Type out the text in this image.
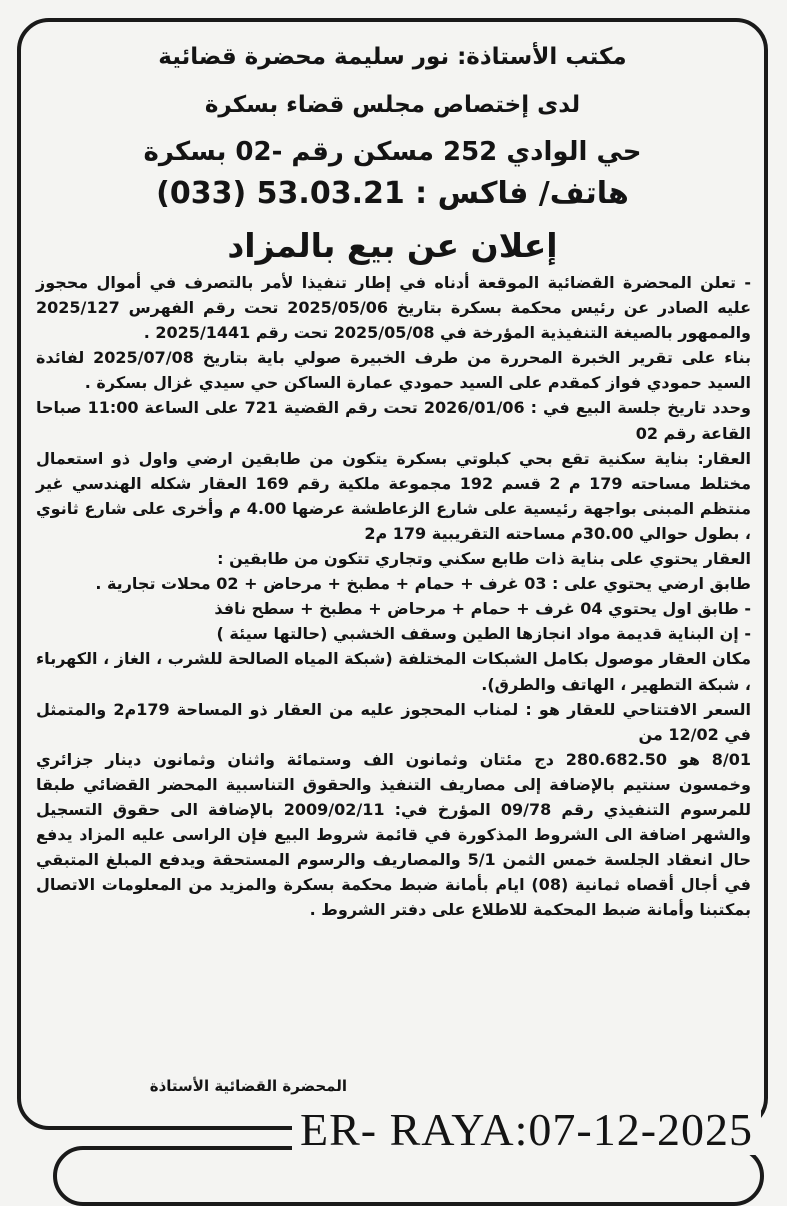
مكتب الأستاذة: نور سليمة محضرة قضائية
لدى إختصاص مجلس قضاء بسكرة
حي الوادي 252 مسكن رقم -02 بسكرة
هاتف/ فاكس : 53.03.21 (033)
إعلان عن بيع بالمزاد

- تعلن المحضرة القضائية الموقعة أدناه في إطار تنفيذا لأمر بالتصرف في أموال محجوز عليه الصادر عن رئيس محكمة بسكرة بتاريخ 2025/05/06 تحت رقم الفهرس 2025/127 والممهور بالصيغة التنفيذية المؤرخة في 2025/05/08 تحت رقم 2025/1441 .

بناء على تقرير الخبرة المحررة من طرف الخبيرة صولي باية بتاريخ 2025/07/08 لفائدة السيد حمودي فواز كمقدم على السيد حمودي عمارة الساكن حي سيدي غزال بسكرة .

وحدد تاريخ جلسة البيع في : 2026/01/06 تحت رقم القضية 721 على الساعة 11:00 صباحا القاعة رقم 02

العقار: بناية سكنية تقع بحي كبلوتي بسكرة يتكون من طابقين ارضي واول ذو استعمال مختلط مساحته 179 م 2 قسم 192 مجموعة ملكية رقم 169 العقار شكله الهندسي غير منتظم المبنى بواجهة رئيسية على شارع الزعاطشة عرضها 4.00 م وأخرى على شارع ثانوي ، بطول حوالي 30.00م مساحته التقريبية 179 م2

العقار يحتوي على بناية ذات طابع سكني وتجاري تتكون من طابقين :

طابق ارضي يحتوي على : 03 غرف + حمام + مطبخ + مرحاض + 02 محلات تجارية .

- طابق اول يحتوي 04 غرف + حمام + مرحاض + مطبخ + سطح نافذ

- إن البناية قديمة مواد انجازها الطين وسقف الخشبي (حالتها سيئة )

مكان العقار موصول بكامل الشبكات المختلفة (شبكة المياه الصالحة للشرب ، الغاز ، الكهرباء ، شبكة التطهير ، الهاتف والطرق).

السعر الافتتاحي للعقار هو : لمناب المحجوز عليه من العقار ذو المساحة 179م2 والمتمثل في 12/02 من

8/01 هو 280.682.50 دج مئتان وثمانون الف وستمائة واثنان وثمانون دينار جزائري وخمسون سنتيم بالإضافة إلى مصاريف التنفيذ والحقوق التناسبية المحضر القضائي طبقا للمرسوم التنفيذي رقم 09/78 المؤرخ في: 2009/02/11 بالإضافة الى حقوق التسجيل والشهر اضافة الى الشروط المذكورة في قائمة شروط البيع فإن الراسى عليه المزاد يدفع حال انعقاد الجلسة خمس الثمن 5/1 والمصاريف والرسوم المستحقة ويدفع المبلغ المتبقي في أجال أقصاه ثمانية (08) ايام بأمانة ضبط محكمة بسكرة والمزيد من المعلومات الاتصال بمكتبنا وأمانة ضبط المحكمة للاطلاع على دفتر الشروط .

المحضرة القضائية الأستاذة
ER- RAYA:07-12-2025
